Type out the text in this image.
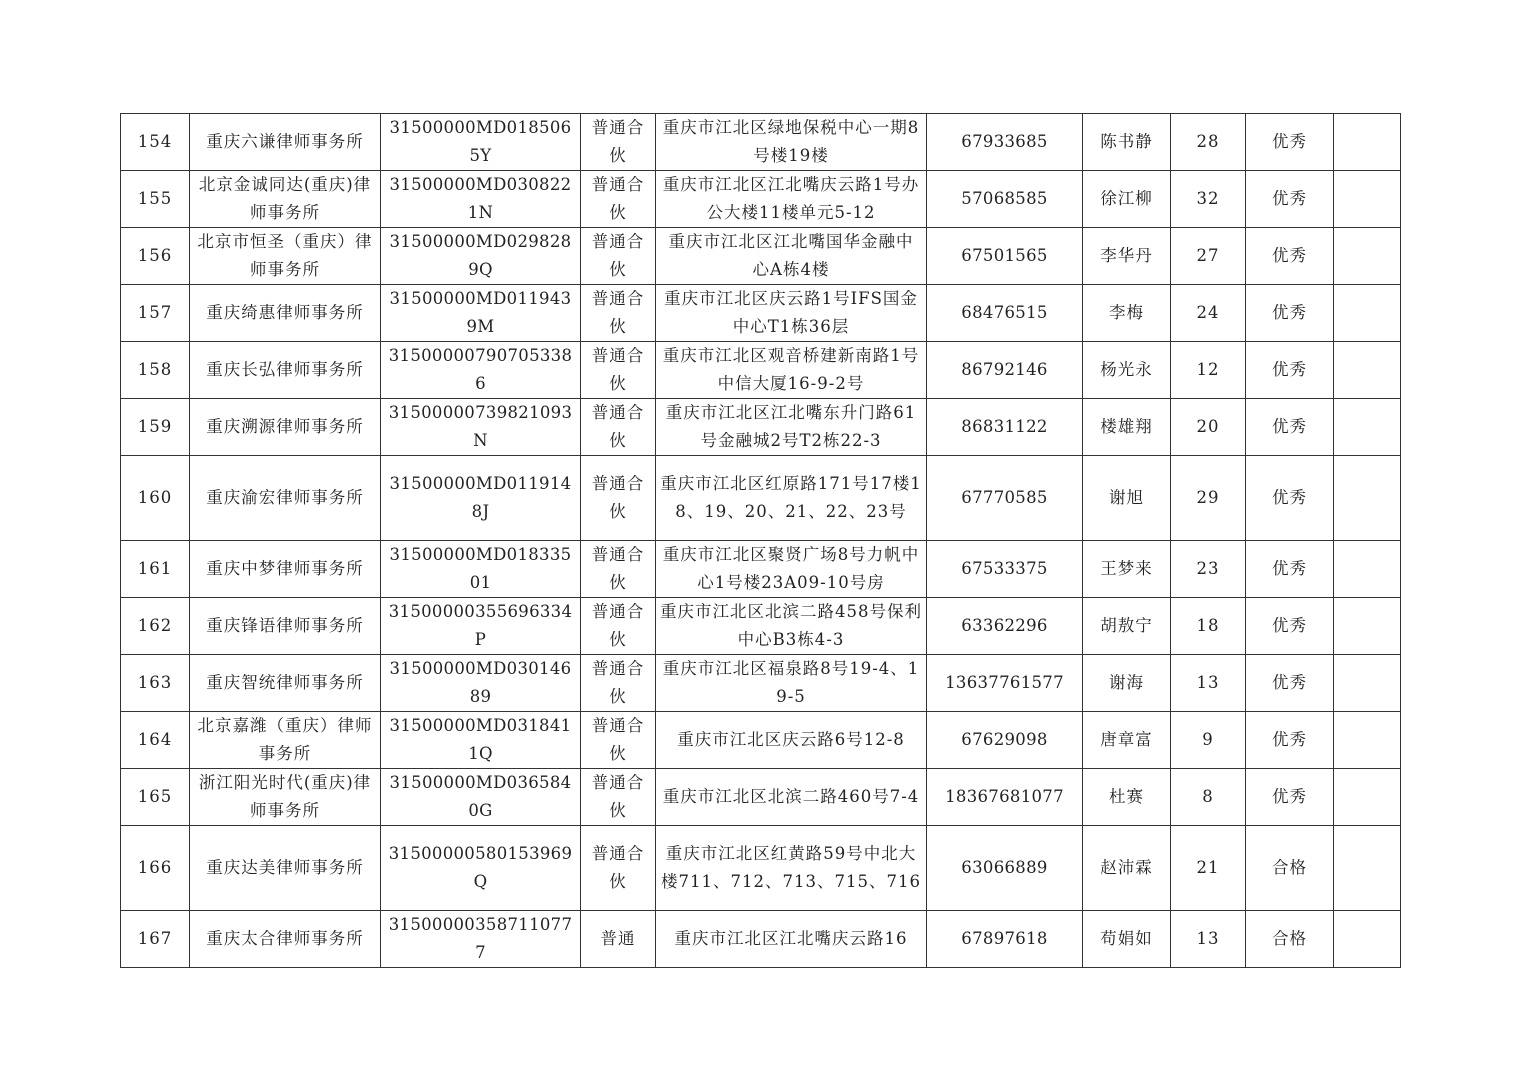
154	重庆六谦律师事务所	31500000MD0185065Y	普通合伙	重庆市江北区绿地保税中心一期8号楼19楼	67933685	陈书静	28	优秀	
155	北京金诚同达(重庆)律师事务所	31500000MD0308221N	普通合伙	重庆市江北区江北嘴庆云路1号办公大楼11楼单元5-12	57068585	徐江柳	32	优秀	
156	北京市恒圣（重庆）律师事务所	31500000MD0298289Q	普通合伙	重庆市江北区江北嘴国华金融中心A栋4楼	67501565	李华丹	27	优秀	
157	重庆绮惠律师事务所	31500000MD0119439M	普通合伙	重庆市江北区庆云路1号IFS国金中心T1栋36层	68476515	李梅	24	优秀	
158	重庆长弘律师事务所	315000007907053386	普通合伙	重庆市江北区观音桥建新南路1号中信大厦16-9-2号	86792146	杨光永	12	优秀	
159	重庆溯源律师事务所	31500000739821093N	普通合伙	重庆市江北区江北嘴东升门路61号金融城2号T2栋22-3	86831122	楼雄翔	20	优秀	
160	重庆渝宏律师事务所	31500000MD0119148J	普通合伙	重庆市江北区红原路171号17楼18、19、20、21、22、23号	67770585	谢旭	29	优秀	
161	重庆中梦律师事务所	31500000MD01833501	普通合伙	重庆市江北区聚贤广场8号力帆中心1号楼23A09-10号房	67533375	王梦来	23	优秀	
162	重庆锋语律师事务所	31500000355696334P	普通合伙	重庆市江北区北滨二路458号保利中心B3栋4-3	63362296	胡敖宁	18	优秀	
163	重庆智统律师事务所	31500000MD03014689	普通合伙	重庆市江北区福泉路8号19-4、19-5	13637761577	谢海	13	优秀	
164	北京嘉潍（重庆）律师事务所	31500000MD0318411Q	普通合伙	重庆市江北区庆云路6号12-8	67629098	唐章富	9	优秀	
165	浙江阳光时代(重庆)律师事务所	31500000MD0365840G	普通合伙	重庆市江北区北滨二路460号7-4	18367681077	杜赛	8	优秀	
166	重庆达美律师事务所	31500000580153969Q	普通合伙	重庆市江北区红黄路59号中北大楼711、712、713、715、716	63066889	赵沛霖	21	合格	
167	重庆太合律师事务所	315000003587110777	普通	重庆市江北区江北嘴庆云路16	67897618	苟娟如	13	合格	
